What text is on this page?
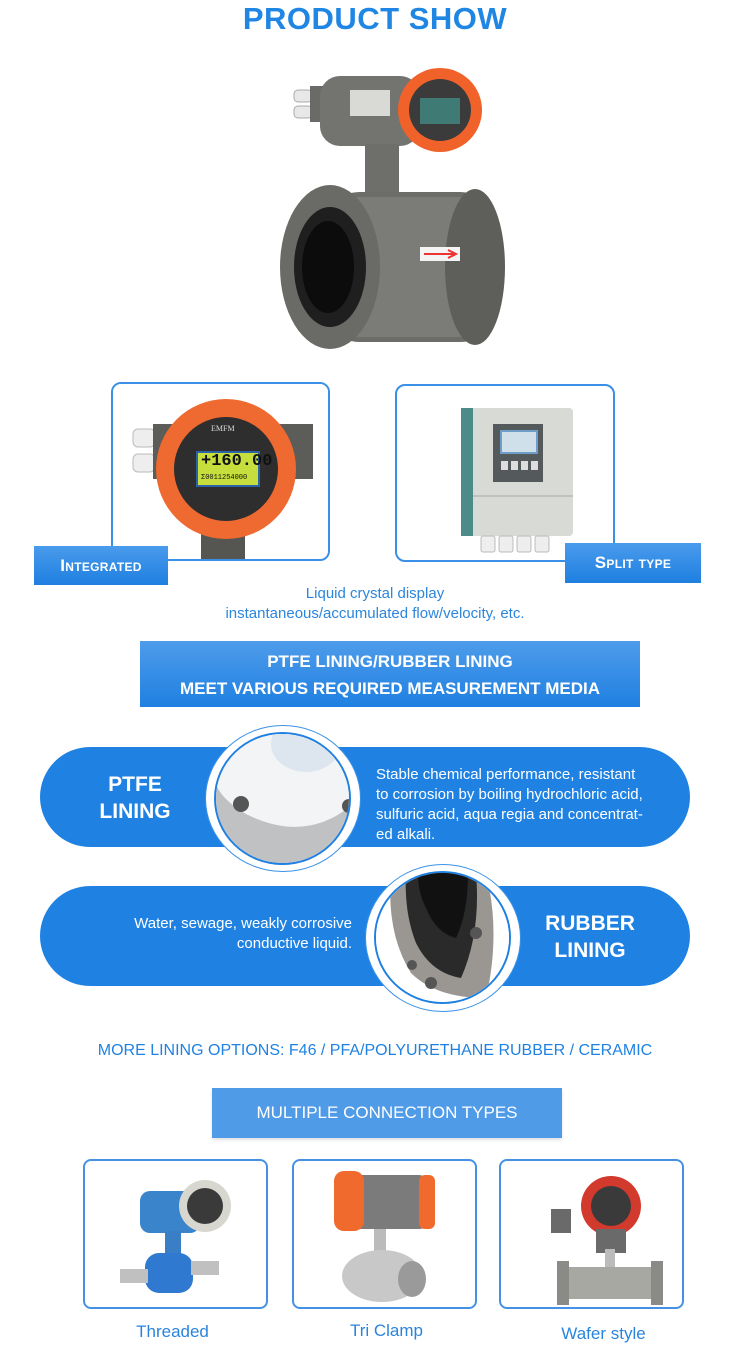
PRODUCT SHOW
EMFM
+160.00
Σ0011254000
Integrated	Split type
Liquid crystal display
instantaneous/accumulated flow/velocity, etc.
PTFE LINING/RUBBER LINING
MEET VARIOUS REQUIRED MEASUREMENT MEDIA
PTFE
LINING
Stable chemical performance, resistant
to corrosion by boiling hydrochloric acid,
sulfuric acid, aqua regia and concentrat-
ed alkali.
Water, sewage, weakly corrosive
conductive liquid.
RUBBER
LINING
MORE LINING OPTIONS: F46 / PFA/POLYURETHANE RUBBER / CERAMIC
MULTIPLE CONNECTION TYPES
Threaded	Tri Clamp	Wafer style
